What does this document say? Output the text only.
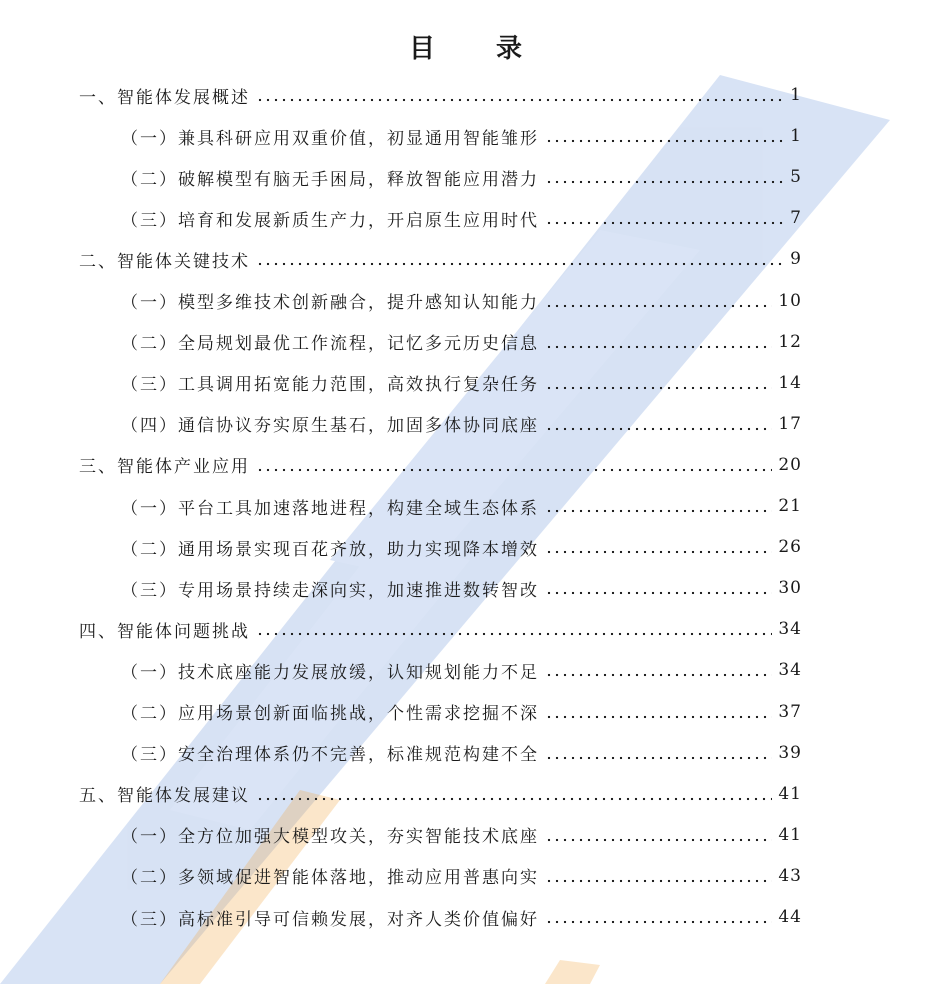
目 录
一、智能体发展概述	1
（一）兼具科研应用双重价值，初显通用智能雏形	1
（二）破解模型有脑无手困局，释放智能应用潜力	5
（三）培育和发展新质生产力，开启原生应用时代	7
二、智能体关键技术	9
（一）模型多维技术创新融合，提升感知认知能力	10
（二）全局规划最优工作流程，记忆多元历史信息	12
（三）工具调用拓宽能力范围，高效执行复杂任务	14
（四）通信协议夯实原生基石，加固多体协同底座	17
三、智能体产业应用	20
（一）平台工具加速落地进程，构建全域生态体系	21
（二）通用场景实现百花齐放，助力实现降本增效	26
（三）专用场景持续走深向实，加速推进数转智改	30
四、智能体问题挑战	34
（一）技术底座能力发展放缓，认知规划能力不足	34
（二）应用场景创新面临挑战，个性需求挖掘不深	37
（三）安全治理体系仍不完善，标准规范构建不全	39
五、智能体发展建议	41
（一）全方位加强大模型攻关，夯实智能技术底座	41
（二）多领域促进智能体落地，推动应用普惠向实	43
（三）高标准引导可信赖发展，对齐人类价值偏好	44
